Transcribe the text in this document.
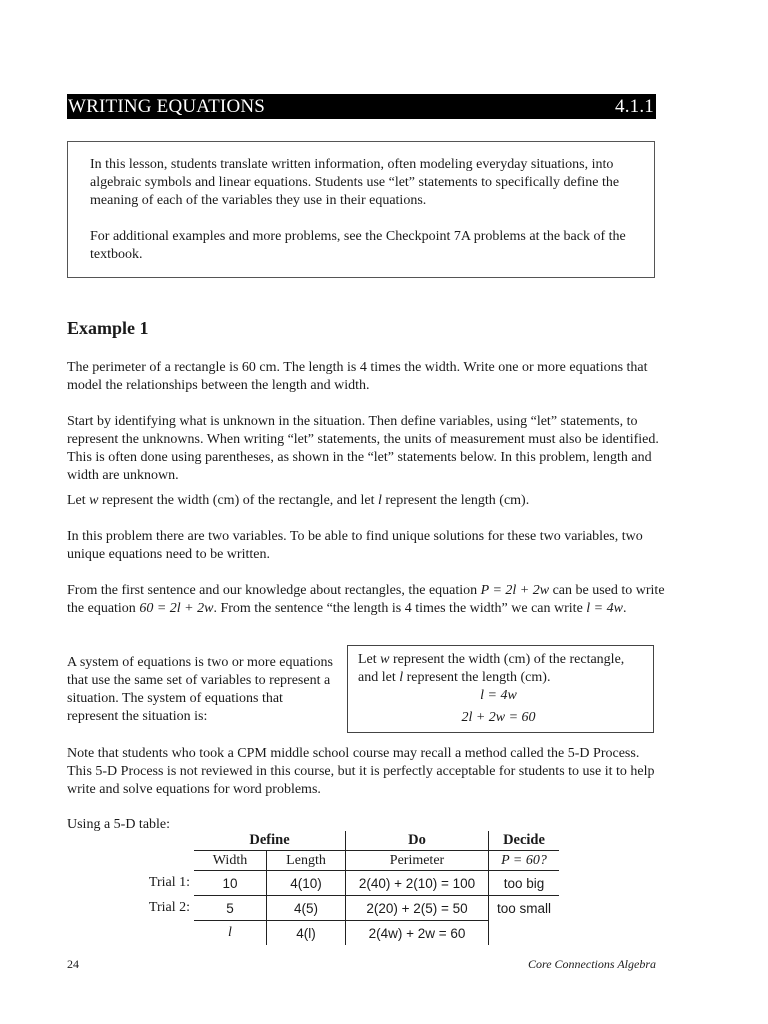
WRITING EQUATIONS	4.1.1

In this lesson, students translate written information, often modeling everyday situations, into algebraic symbols and linear equations. Students use “let” statements to specifically define the meaning of each of the variables they use in their equations.

For additional examples and more problems, see the Checkpoint 7A problems at the back of the textbook.

Example 1

The perimeter of a rectangle is 60 cm. The length is 4 times the width. Write one or more equations that model the relationships between the length and width.

Start by identifying what is unknown in the situation. Then define variables, using “let” statements, to represent the unknowns. When writing “let” statements, the units of measurement must also be identified. This is often done using parentheses, as shown in the “let” statements below. In this problem, length and width are unknown.

Let w represent the width (cm) of the rectangle, and let l represent the length (cm).

In this problem there are two variables. To be able to find unique solutions for these two variables, two unique equations need to be written.

From the first sentence and our knowledge about rectangles, the equation P = 2l + 2w can be used to write the equation 60 = 2l + 2w. From the sentence “the length is 4 times the width” we can write l = 4w.

A system of equations is two or more equations that use the same set of variables to represent a situation. The system of equations that represent the situation is:
Let w represent the width (cm) of the rectangle,
and let l represent the length (cm).
l = 4w
2l + 2w = 60

Note that students who took a CPM middle school course may recall a method called the 5-D Process. This 5-D Process is not reviewed in this course, but it is perfectly acceptable for students to use it to help write and solve equations for word problems.

Using a 5-D table:
	Define		Do	Decide
	Width	Length	Perimeter	P = 60?
Trial 1:	10	4(10)	2(40) + 2(10) = 100	too big
Trial 2:	5	4(5)	2(20) + 2(5) = 50	too small
	l	4(l)	2(4w) + 2w = 60	
24	Core Connections Algebra
